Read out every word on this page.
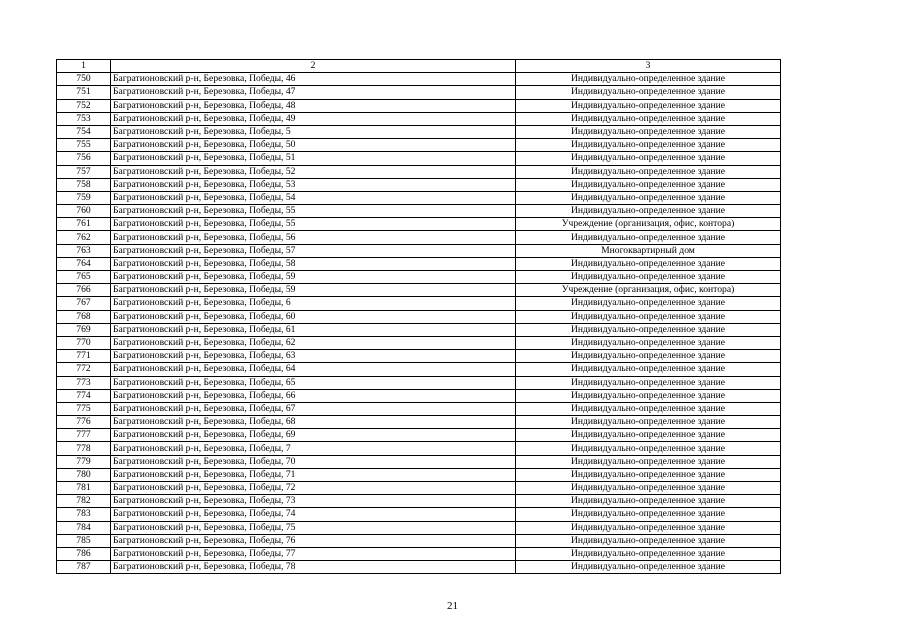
1	2	3
750	Багратионовский р-н, Березовка, Победы, 46	Индивидуально-определенное здание
751	Багратионовский р-н, Березовка, Победы, 47	Индивидуально-определенное здание
752	Багратионовский р-н, Березовка, Победы, 48	Индивидуально-определенное здание
753	Багратионовский р-н, Березовка, Победы, 49	Индивидуально-определенное здание
754	Багратионовский р-н, Березовка, Победы, 5	Индивидуально-определенное здание
755	Багратионовский р-н, Березовка, Победы, 50	Индивидуально-определенное здание
756	Багратионовский р-н, Березовка, Победы, 51	Индивидуально-определенное здание
757	Багратионовский р-н, Березовка, Победы, 52	Индивидуально-определенное здание
758	Багратионовский р-н, Березовка, Победы, 53	Индивидуально-определенное здание
759	Багратионовский р-н, Березовка, Победы, 54	Индивидуально-определенное здание
760	Багратионовский р-н, Березовка, Победы, 55	Индивидуально-определенное здание
761	Багратионовский р-н, Березовка, Победы, 55	Учреждение (организация, офис, контора)
762	Багратионовский р-н, Березовка, Победы, 56	Индивидуально-определенное здание
763	Багратионовский р-н, Березовка, Победы, 57	Многоквартирный дом
764	Багратионовский р-н, Березовка, Победы, 58	Индивидуально-определенное здание
765	Багратионовский р-н, Березовка, Победы, 59	Индивидуально-определенное здание
766	Багратионовский р-н, Березовка, Победы, 59	Учреждение (организация, офис, контора)
767	Багратионовский р-н, Березовка, Победы, 6	Индивидуально-определенное здание
768	Багратионовский р-н, Березовка, Победы, 60	Индивидуально-определенное здание
769	Багратионовский р-н, Березовка, Победы, 61	Индивидуально-определенное здание
770	Багратионовский р-н, Березовка, Победы, 62	Индивидуально-определенное здание
771	Багратионовский р-н, Березовка, Победы, 63	Индивидуально-определенное здание
772	Багратионовский р-н, Березовка, Победы, 64	Индивидуально-определенное здание
773	Багратионовский р-н, Березовка, Победы, 65	Индивидуально-определенное здание
774	Багратионовский р-н, Березовка, Победы, 66	Индивидуально-определенное здание
775	Багратионовский р-н, Березовка, Победы, 67	Индивидуально-определенное здание
776	Багратионовский р-н, Березовка, Победы, 68	Индивидуально-определенное здание
777	Багратионовский р-н, Березовка, Победы, 69	Индивидуально-определенное здание
778	Багратионовский р-н, Березовка, Победы, 7	Индивидуально-определенное здание
779	Багратионовский р-н, Березовка, Победы, 70	Индивидуально-определенное здание
780	Багратионовский р-н, Березовка, Победы, 71	Индивидуально-определенное здание
781	Багратионовский р-н, Березовка, Победы, 72	Индивидуально-определенное здание
782	Багратионовский р-н, Березовка, Победы, 73	Индивидуально-определенное здание
783	Багратионовский р-н, Березовка, Победы, 74	Индивидуально-определенное здание
784	Багратионовский р-н, Березовка, Победы, 75	Индивидуально-определенное здание
785	Багратионовский р-н, Березовка, Победы, 76	Индивидуально-определенное здание
786	Багратионовский р-н, Березовка, Победы, 77	Индивидуально-определенное здание
787	Багратионовский р-н, Березовка, Победы, 78	Индивидуально-определенное здание
21
